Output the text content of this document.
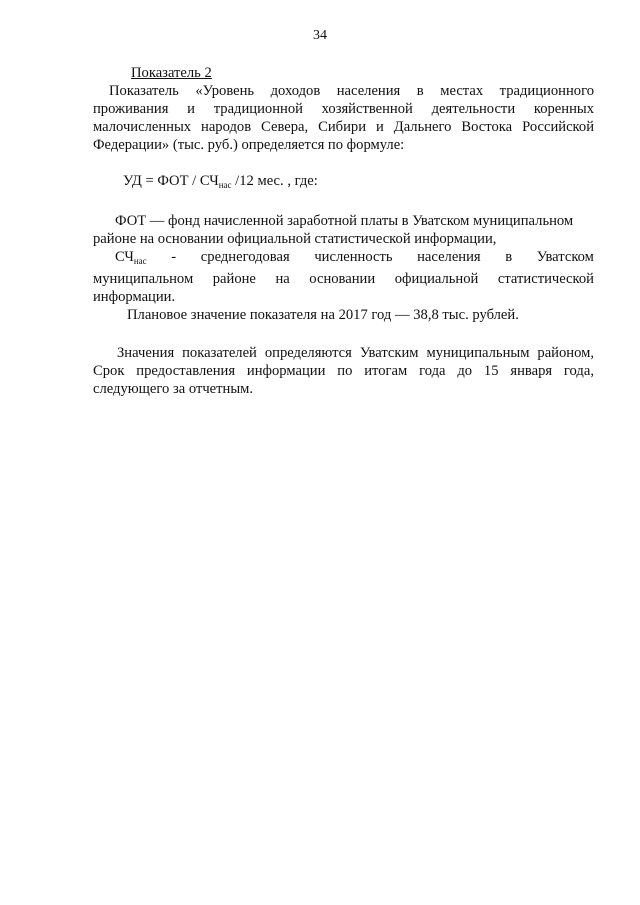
34
Показатель 2
Показатель «Уровень доходов населения в местах традиционного
проживания и традиционной хозяйственной деятельности коренных
малочисленных народов Севера, Сибири и Дальнего Востока Российской
Федерации» (тыс. руб.) определяется по формуле:
УД = ФОТ / $СЧ_{нас}$ /12 мес. , где:
ФОТ — фонд начисленной заработной платы в Уватском муниципальном
районе на основании официальной статистической информации,
$СЧ_{нас}$ - среднегодовая численность населения в Уватском
муниципальном районе на основании официальной статистической
информации.
Плановое значение показателя на 2017 год — 38,8 тыс. рублей.
Значения показателей определяются Уватским муниципальным районом,
Срок предоставления информации по итогам года до 15 января года,
следующего за отчетным.
